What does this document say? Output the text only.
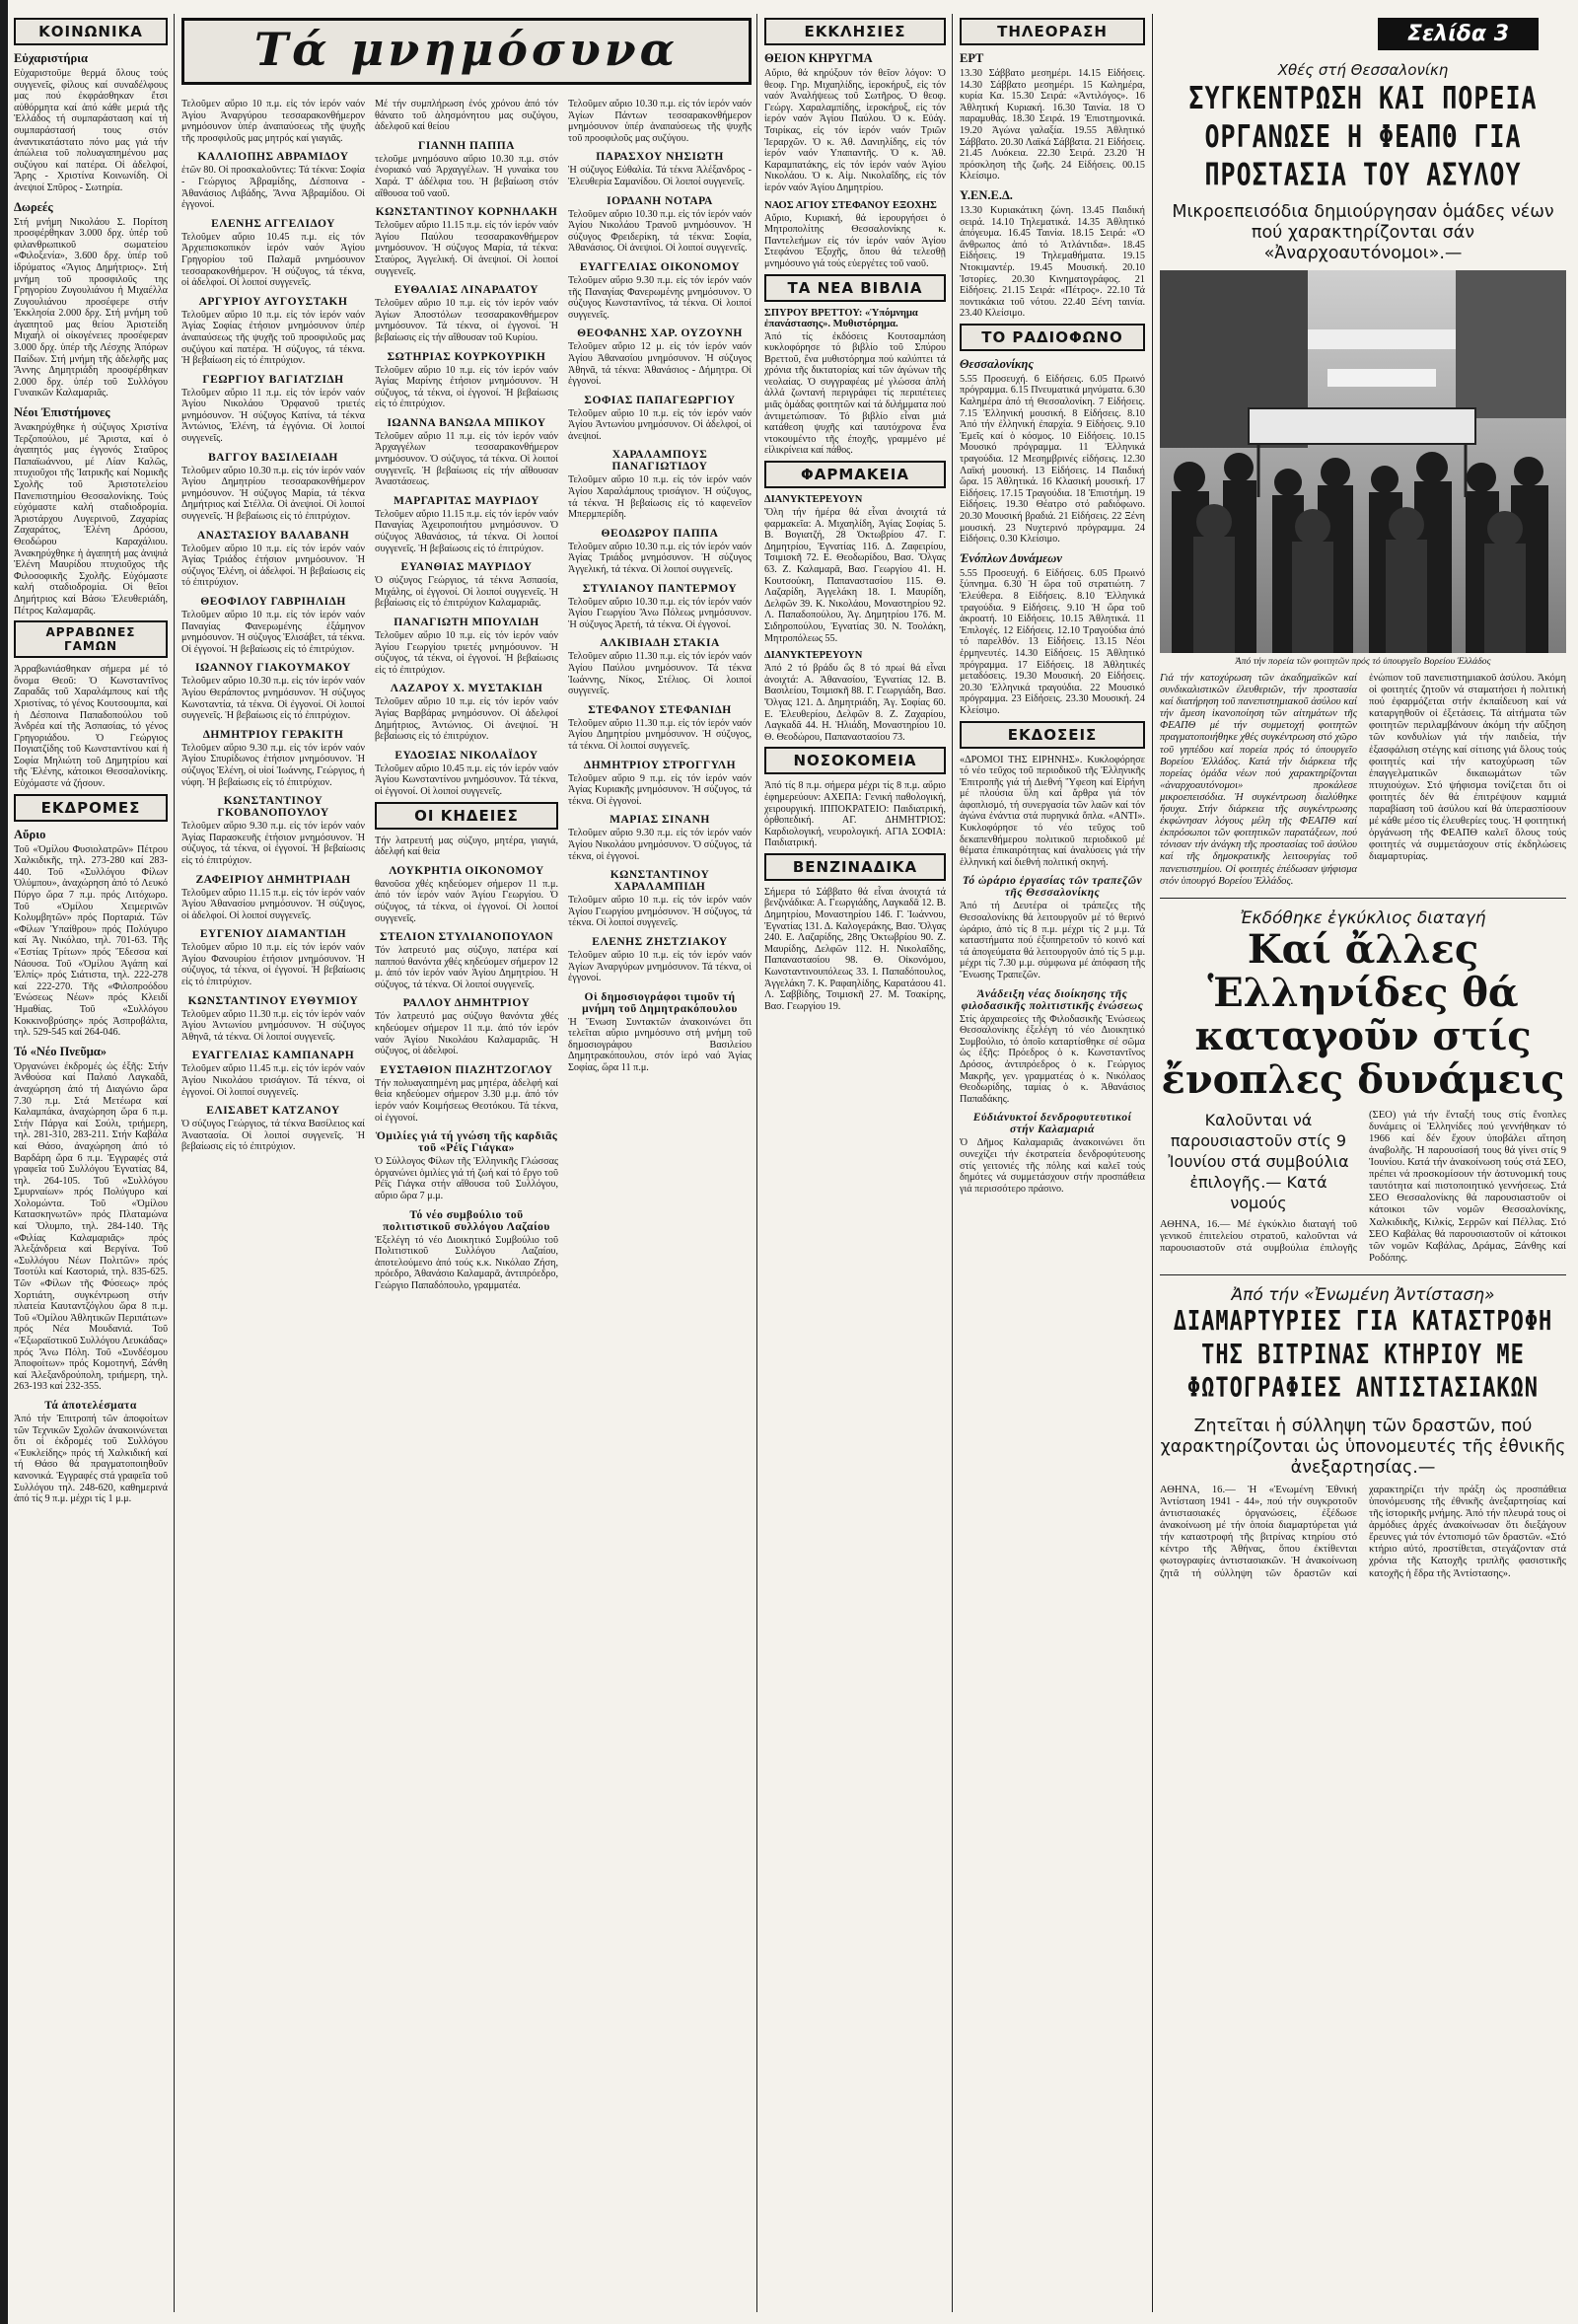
ΚΟΙΝΩΝΙΚΑ
Εὐχαριστήρια

Εὐχαριστοῦμε θερμά ὅλους τούς συγγενεῖς, φίλους καί συναδέλφους μας πού ἐκφράσθηκαν ἔτσι αὐθόρμητα καί ἀπό κάθε μεριά τῆς Ἑλλάδος τή συμπαράσταση καί τή συμπαράστασή τους στόν ἀναντικατάστατο πόνο μας γιά τήν ἀπώλεια τοῦ πολυαγαπημένου μας συζύγου καί πατέρα. Οἱ ἀδελφοί, Ἄρης - Χριστίνα Κοινωνίδη. Οἱ ἀνεψιοί Σπῦρος - Σωτηρία.

Δωρεές

Στή μνήμη Νικολάου Σ. Πορίτση προσφέρθηκαν 3.000 δρχ. ὑπέρ τοῦ φιλανθρωπικοῦ σωματείου «Φιλοξενία», 3.600 δρχ. ὑπέρ τοῦ ἰδρύματος «Ἅγιος Δημήτριος». Στή μνήμη τοῦ προσφιλοῦς της Γρηγορίου Ζυγουλιάνου ἡ Μιχαέλλα Ζυγουλιάνου προσέφερε στήν Ἐκκλησία 2.000 δρχ. Στή μνήμη τοῦ ἀγαπητοῦ μας θείου Ἀριστείδη Μιχαήλ οἱ οἰκογένειες προσέφεραν 3.000 δρχ. ὑπέρ τῆς Λέσχης Ἀπόρων Παίδων. Στή μνήμη τῆς ἀδελφῆς μας Ἄννης Δημητριάδη προσφέρθηκαν 2.000 δρχ. ὑπέρ τοῦ Συλλόγου Γυναικῶν Καλαμαριᾶς.

Νέοι Ἐπιστήμονες

Ἀνακηρύχθηκε ἡ σύζυγος Χριστίνα Τερζοπούλου, μέ Ἄριστα, καί ὁ ἀγαπητός μας ἐγγονός Σταῦρος Παπαϊωάννου, μέ Λίαν Καλῶς, πτυχιοῦχοι τῆς Ἰατρικῆς καί Νομικῆς Σχολῆς τοῦ Ἀριστοτελείου Πανεπιστημίου Θεσσαλονίκης. Τούς εὐχόμαστε καλή σταδιοδρομία. Ἀριστάρχου Λυγερινοῦ, Ζαχαρίας Ζαχαράτος, Ἐλένη Δρόσου, Θεοδώρου Καραχάλιου. Ἀνακηρύχθηκε ἡ ἀγαπητή μας ἀνιψιά Ἑλένη Μαυρίδου πτυχιοῦχος τῆς Φιλοσοφικῆς Σχολῆς. Εὐχόμαστε καλή σταδιοδρομία. Οἱ θεῖοι Δημήτριος καί Βάσω Ἐλευθεριάδη, Πέτρος Καλαμαρᾶς.

ΑΡΡΑΒΩΝΕΣ ΓΑΜΩΝ

Ἀρραβωνιάσθηκαν σήμερα μέ τό ὄνομα Θεοῦ: Ὁ Κωνσταντῖνος Ζαραδᾶς τοῦ Χαραλάμπους καί τῆς Χριστίνας, τό γένος Κουτσουμπα, καί ἡ Δέσποινα Παπαδοπούλου τοῦ Ἀνδρέα καί τῆς Ἀσπασίας, τό γένος Γρηγοριάδου. Ὁ Γεώργιος Πογιατζίδης τοῦ Κωνσταντίνου καί ἡ Σοφία Μηλιώτη τοῦ Δημητρίου καί τῆς Ἑλένης, κάτοικοι Θεσσαλονίκης. Εὐχόμαστε νά ζήσουν.

ΕΚΔΡΟΜΕΣ
Αὔριο

Τοῦ «Ὁμίλου Φυσιολατρῶν» Πέτρου Χαλκιδικῆς, τηλ. 273-280 καί 283-440. Τοῦ «Συλλόγου Φίλων Ὀλύμπου», ἀναχώρηση ἀπό τό Λευκό Πύργο ὥρα 7 π.μ. πρός Λιτόχωρο. Τοῦ «Ὁμίλου Χειμερινῶν Κολυμβητῶν» πρός Πορταριά. Τῶν «Φίλων Ὑπαίθρου» πρός Πολύγυρο καί Ἁγ. Νικόλαο, τηλ. 701-63. Τῆς «Ἑστίας Τρίτων» πρός Ἔδεσσα καί Νάουσα. Τοῦ «Ὁμίλου Ἀγάπη καί Ἐλπίς» πρός Σιάτιστα, τηλ. 222-278 καί 222-270. Τῆς «Φιλοπροόδου Ἐνώσεως Νέων» πρός Κλειδί Ἡμαθίας. Τοῦ «Συλλόγου Κοκκινοβρύσης» πρός Ἀσπροβάλτα, τηλ. 529-545 καί 264-046.

Τό «Νέο Πνεῦμα»

Ὀργανώνει ἐκδρομές ὡς ἑξῆς: Στήν Ἀνθούσα καί Παλαιό Λαγκαδᾶ, ἀναχώρηση ἀπό τή Διαγώνιο ὥρα 7.30 π.μ. Στά Μετέωρα καί Καλαμπάκα, ἀναχώρηση ὥρα 6 π.μ. Στήν Πάργα καί Σούλι, τριήμερη, τηλ. 281-310, 283-211. Στήν Καβάλα καί Θάσο, ἀναχώρηση ἀπό τό Βαρδάρη ὥρα 6 π.μ. Ἐγγραφές στά γραφεῖα τοῦ Συλλόγου Ἐγνατίας 84, τηλ. 264-105. Τοῦ «Συλλόγου Σμυρναίων» πρός Πολύγυρο καί Χολομώντα. Τοῦ «Ὁμίλου Κατασκηνωτῶν» πρός Πλαταμώνα καί Ὄλυμπο, τηλ. 284-140. Τῆς «Φιλίας Καλαμαριᾶς» πρός Ἀλεξάνδρεια καί Βεργίνα. Τοῦ «Συλλόγου Νέων Πολιτῶν» πρός Τσοτύλι καί Καστοριά, τηλ. 835-625. Τῶν «Φίλων τῆς Φύσεως» πρός Χορτιάτη, συγκέντρωση στήν πλατεία Καυταντζόγλου ὥρα 8 π.μ. Τοῦ «Ὁμίλου Ἀθλητικῶν Περιπάτων» πρός Νέα Μουδανιά. Τοῦ «Ἐξωραϊστικοῦ Συλλόγου Λευκάδας» πρός Ἄνω Πόλη. Τοῦ «Συνδέσμου Ἀποφοίτων» πρός Κομοτηνή, Ξάνθη καί Ἀλεξανδρούπολη, τριήμερη, τηλ. 263-193 καί 232-355.

Τά ἀποτελέσματα

Ἀπό τήν Ἐπιτροπή τῶν ἀποφοίτων τῶν Τεχνικῶν Σχολῶν ἀνακοινώνεται ὅτι οἱ ἐκδρομές τοῦ Συλλόγου «Ἐυκλείδης» πρός τή Χαλκιδική καί τή Θάσο θά πραγματοποιηθοῦν κανονικά. Ἐγγραφές στά γραφεῖα τοῦ Συλλόγου τηλ. 248-620, καθημερινά ἀπό τίς 9 π.μ. μέχρι τίς 1 μ.μ.

Τά μνημόσυνα

Τελοῦμεν αὔριο 10 π.μ. εἰς τόν ἱερόν ναόν Ἁγίου Ἀναργύρου τεσσαρακονθήμερον μνημόσυνον ὑπέρ ἀναπαύσεως τῆς ψυχῆς τῆς προσφιλοῦς μας μητρός καί γιαγιᾶς.

ΚΑΛΛΙΟΠΗΣ ΑΒΡΑΜΙΔΟΥ

ἐτῶν 80. Οἱ προσκαλοῦντες: Τά τέκνα: Σοφία - Γεώργιος Ἀβραμίδης, Δέσποινα - Ἀθανάσιος Λιβάδης, Ἄννα Ἀβραμίδου. Οἱ ἐγγονοί.

ΕΛΕΝΗΣ ΑΓΓΕΛΙΔΟΥ

Τελοῦμεν αὔριο 10.45 π.μ. εἰς τόν Ἀρχιεπισκοπικόν ἱερόν ναόν Ἁγίου Γρηγορίου τοῦ Παλαμᾶ μνημόσυνον τεσσαρακονθήμερον. Ἡ σύζυγος, τά τέκνα, οἱ ἀδελφοί. Οἱ λοιποί συγγενεῖς.

ΑΡΓΥΡΙΟΥ ΑΥΓΟΥΣΤΑΚΗ

Τελοῦμεν αὔριο 10 π.μ. εἰς τόν ἱερόν ναόν Ἁγίας Σοφίας ἐτήσιον μνημόσυνον ὑπέρ ἀναπαύσεως τῆς ψυχῆς τοῦ προσφιλοῦς μας συζύγου καί πατέρα. Ἡ σύζυγος, τά τέκνα. Ἡ βεβαίωση εἰς τό ἐπιτρύχιον.

ΓΕΩΡΓΙΟΥ ΒΑΓΙΑΤΖΙΔΗ

Τελοῦμεν αὔριο 11 π.μ. εἰς τόν ἱερόν ναόν Ἁγίου Νικολάου Ὀρφανοῦ τριετές μνημόσυνον. Ἡ σύζυγος Κατίνα, τά τέκνα Ἀντώνιος, Ἐλένη, τά ἐγγόνια. Οἱ λοιποί συγγενεῖς.

ΒΑΓΓΟΥ ΒΑΣΙΛΕΙΑΔΗ

Τελοῦμεν αὔριο 10.30 π.μ. εἰς τόν ἱερόν ναόν Ἁγίου Δημητρίου τεσσαρακονθήμερον μνημόσυνον. Ἡ σύζυγος Μαρία, τά τέκνα Δημήτριος καί Στέλλα. Οἱ ἀνεψιοί. Οἱ λοιποί συγγενεῖς. Ἡ βεβαίωσις εἰς τό ἐπιτρύχιον.

ΑΝΑΣΤΑΣΙΟΥ ΒΑΛΑΒΑΝΗ

Τελοῦμεν αὔριο 10 π.μ. εἰς τόν ἱερόν ναόν Ἁγίας Τριάδος ἐτήσιον μνημόσυνον. Ἡ σύζυγος Ἑλένη, οἱ ἀδελφοί. Ἡ βεβαίωσις εἰς τό ἐπιτρύχιον.

ΘΕΟΦΙΛΟΥ ΓΑΒΡΙΗΛΙΔΗ

Τελοῦμεν αὔριο 10 π.μ. εἰς τόν ἱερόν ναόν Παναγίας Φανερωμένης ἐξάμηνον μνημόσυνον. Ἡ σύζυγος Ἑλισάβετ, τά τέκνα. Οἱ ἐγγονοί. Ἡ βεβαίωσις εἰς τό ἐπιτρύχιον.

ΙΩΑΝΝΟΥ ΓΙΑΚΟΥΜΑΚΟΥ

Τελοῦμεν αὔριο 10.30 π.μ. εἰς τόν ἱερόν ναόν Ἁγίου Θεράποντος μνημόσυνον. Ἡ σύζυγος Κωνσταντία, τά τέκνα. Οἱ ἐγγονοί. Οἱ λοιποί συγγενεῖς. Ἡ βεβαίωσις εἰς τό ἐπιτρύχιον.

ΔΗΜΗΤΡΙΟΥ ΓΕΡΑΚΙΤΗ

Τελοῦμεν αὔριο 9.30 π.μ. εἰς τόν ἱερόν ναόν Ἁγίου Σπυρίδωνος ἐτήσιον μνημόσυνον. Ἡ σύζυγος Ἑλένη, οἱ υἱοί Ἰωάννης, Γεώργιος, ἡ νύφη. Ἡ βεβαίωσις εἰς τό ἐπιτρύχιον.

ΚΩΝΣΤΑΝΤΙΝΟΥ ΓΚΟΒΑΝΟΠΟΥΛΟΥ

Τελοῦμεν αὔριο 9.30 π.μ. εἰς τόν ἱερόν ναόν Ἁγίας Παρασκευῆς ἐτήσιον μνημόσυνον. Ἡ σύζυγος, τά τέκνα, οἱ ἐγγονοί. Ἡ βεβαίωσις εἰς τό ἐπιτρύχιον.

ΖΑΦΕΙΡΙΟΥ ΔΗΜΗΤΡΙΑΔΗ

Τελοῦμεν αὔριο 11.15 π.μ. εἰς τόν ἱερόν ναόν Ἁγίου Ἀθανασίου μνημόσυνον. Ἡ σύζυγος, οἱ ἀδελφοί. Οἱ λοιποί συγγενεῖς.

ΕΥΓΕΝΙΟΥ ΔΙΑΜΑΝΤΙΔΗ

Τελοῦμεν αὔριο 10 π.μ. εἰς τόν ἱερόν ναόν Ἁγίου Φανουρίου ἐτήσιον μνημόσυνον. Ἡ σύζυγος, τά τέκνα, οἱ ἐγγονοί. Ἡ βεβαίωσις εἰς τό ἐπιτρύχιον.

ΚΩΝΣΤΑΝΤΙΝΟΥ ΕΥΘΥΜΙΟΥ

Τελοῦμεν αὔριο 11.30 π.μ. εἰς τόν ἱερόν ναόν Ἁγίου Ἀντωνίου μνημόσυνον. Ἡ σύζυγος Ἀθηνᾶ, τά τέκνα. Οἱ λοιποί συγγενεῖς.

ΕΥΑΓΓΕΛΙΑΣ ΚΑΜΠΑΝΑΡΗ

Τελοῦμεν αὔριο 11.45 π.μ. εἰς τόν ἱερόν ναόν Ἁγίου Νικολάου τρισάγιον. Τά τέκνα, οἱ ἐγγονοί. Οἱ λοιποί συγγενεῖς.

ΕΛΙΣΑΒΕΤ ΚΑΤΖΑΝΟΥ

Ὁ σύζυγος Γεώργιος, τά τέκνα Βασίλειος καί Ἀναστασία. Οἱ λοιποί συγγενεῖς. Ἡ βεβαίωσις εἰς τό ἐπιτρύχιον.

Μέ τήν συμπλήρωση ἐνός χρόνου ἀπό τόν θάνατο τοῦ ἀλησμόνητου μας συζύγου, ἀδελφοῦ καί θείου

ΓΙΑΝΝΗ ΠΑΠΠΑ

τελοῦμε μνημόσυνο αὔριο 10.30 π.μ. στόν ἐνοριακό ναό Ἀρχαγγέλων. Ἡ γυναίκα του Χαρά. Τ' ἀδέλφια του. Ἡ βεβαίωση στόν αἴθουσα τοῦ ναοῦ.

ΚΩΝΣΤΑΝΤΙΝΟΥ ΚΟΡΝΗΛΑΚΗ

Τελοῦμεν αὔριο 11.15 π.μ. εἰς τόν ἱερόν ναόν Ἁγίου Παύλου τεσσαρακονθήμερον μνημόσυνον. Ἡ σύζυγος Μαρία, τά τέκνα: Σταύρος, Ἀγγελική. Οἱ ἀνεψιοί. Οἱ λοιποί συγγενεῖς.

ΕΥΘΑΛΙΑΣ ΛΙΝΑΡΔΑΤΟΥ

Τελοῦμεν αὔριο 10 π.μ. εἰς τόν ἱερόν ναόν Ἁγίων Ἀποστόλων τεσσαρακονθήμερον μνημόσυνον. Τά τέκνα, οἱ ἐγγονοί. Ἡ βεβαίωσις εἰς τήν αἴθουσαν τοῦ Κυρίου.

ΣΩΤΗΡΙΑΣ ΚΟΥΡΚΟΥΡΙΚΗ

Τελοῦμεν αὔριο 10 π.μ. εἰς τόν ἱερόν ναόν Ἁγίας Μαρίνης ἐτήσιον μνημόσυνον. Ἡ σύζυγος, τά τέκνα, οἱ ἐγγονοί. Ἡ βεβαίωσις εἰς τό ἐπιτρύχιον.

ΙΩΑΝΝΑ ΒΑΝΩΛΑ ΜΠΙΚΟΥ

Τελοῦμεν αὔριο 11 π.μ. εἰς τόν ἱερόν ναόν Ἀρχαγγέλων τεσσαρακονθήμερον μνημόσυνον. Ὁ σύζυγος, τά τέκνα. Οἱ λοιποί συγγενεῖς. Ἡ βεβαίωσις εἰς τήν αἴθουσαν Ἀναστάσεως.

ΜΑΡΓΑΡΙΤΑΣ ΜΑΥΡΙΔΟΥ

Τελοῦμεν αὔριο 11.15 π.μ. εἰς τόν ἱερόν ναόν Παναγίας Ἀχειροποιήτου μνημόσυνον. Ὁ σύζυγος Ἀθανάσιος, τά τέκνα. Οἱ λοιποί συγγενεῖς. Ἡ βεβαίωσις εἰς τό ἐπιτρύχιον.

ΕΥΑΝΘΙΑΣ ΜΑΥΡΙΔΟΥ

Ὁ σύζυγος Γεώργιος, τά τέκνα Ἀσπασία, Μιχάλης, οἱ ἐγγονοί. Οἱ λοιποί συγγενεῖς. Ἡ βεβαίωσις εἰς τό ἐπιτρύχιον Καλαμαριᾶς.

ΠΑΝΑΓΙΩΤΗ ΜΠΟΥΛΙΔΗ

Τελοῦμεν αὔριο 10 π.μ. εἰς τόν ἱερόν ναόν Ἁγίου Γεωργίου τριετές μνημόσυνον. Ἡ σύζυγος, τά τέκνα, οἱ ἐγγονοί. Ἡ βεβαίωσις εἰς τό ἐπιτρύχιον.

ΛΑΖΑΡΟΥ Χ. ΜΥΣΤΑΚΙΔΗ

Τελοῦμεν αὔριο 10 π.μ. εἰς τόν ἱερόν ναόν Ἁγίας Βαρβάρας μνημόσυνον. Οἱ ἀδελφοί Δημήτριος, Ἀντώνιος. Οἱ ἀνεψιοί. Ἡ βεβαίωσις εἰς τό ἐπιτρύχιον.

ΕΥΔΟΞΙΑΣ ΝΙΚΟΛΑΪΔΟΥ

Τελοῦμεν αὔριο 10.45 π.μ. εἰς τόν ἱερόν ναόν Ἁγίου Κωνσταντίνου μνημόσυνον. Τά τέκνα, οἱ ἐγγονοί. Οἱ λοιποί συγγενεῖς.

ΟΙ ΚΗΔΕΙΕΣ

Τήν λατρευτή μας σύζυγο, μητέρα, γιαγιά, ἀδελφή καί θεία

ΛΟΥΚΡΗΤΙΑ ΟΙΚΟΝΟΜΟΥ

θανοῦσα χθές κηδεύομεν σήμερον 11 π.μ. ἀπό τόν ἱερόν ναόν Ἁγίου Γεωργίου. Ὁ σύζυγος, τά τέκνα, οἱ ἐγγονοί. Οἱ λοιποί συγγενεῖς.

ΣΤΕΛΙΟΝ ΣΤΥΛΙΑΝΟΠΟΥΛΟΝ

Τόν λατρευτό μας σύζυγο, πατέρα καί παππού θανόντα χθές κηδεύομεν σήμερον 12 μ. ἀπό τόν ἱερόν ναόν Ἁγίου Δημητρίου. Ἡ σύζυγος, τά τέκνα. Οἱ λοιποί συγγενεῖς.

ΡΑΛΛΟΥ ΔΗΜΗΤΡΙΟΥ

Τόν λατρευτό μας σύζυγο θανόντα χθές κηδεύομεν σήμερον 11 π.μ. ἀπό τόν ἱερόν ναόν Ἁγίου Νικολάου Καλαμαριᾶς. Ἡ σύζυγος, οἱ ἀδελφοί.

ΕΥΣΤΑΘΙΟΝ ΠΙΑΖΗΤΖΟΓΛΟΥ

Τήν πολυαγαπημένη μας μητέρα, ἀδελφή καί θεία κηδεύομεν σήμερον 3.30 μ.μ. ἀπό τόν ἱερόν ναόν Κοιμήσεως Θεοτόκου. Τά τέκνα, οἱ ἐγγονοί.

Ὁμιλίες γιά τή γνώση τῆς καρδιᾶς τοῦ «Ρέϊς Γιάγκα»

Ὁ Σύλλογος Φίλων τῆς Ἑλληνικῆς Γλώσσας ὀργανώνει ὁμιλίες γιά τή ζωή καί τό ἔργο τοῦ Ρέϊς Γιάγκα στήν αἴθουσα τοῦ Συλλόγου, αὔριο ὥρα 7 μ.μ.

Τό νέο συμβούλιο τοῦ πολιτιστικοῦ συλλόγου Λαζαίου

Ἐξελέγη τό νέο Διοικητικό Συμβούλιο τοῦ Πολιτιστικοῦ Συλλόγου Λαζαίου, ἀποτελούμενο ἀπό τούς κ.κ. Νικόλαο Ζήση, πρόεδρο, Ἀθανάσιο Καλαμαρᾶ, ἀντιπρόεδρο, Γεώργιο Παπαδόπουλο, γραμματέα.

Τελοῦμεν αὔριο 10.30 π.μ. εἰς τόν ἱερόν ναόν Ἁγίων Πάντων τεσσαρακονθήμερον μνημόσυνον ὑπέρ ἀναπαύσεως τῆς ψυχῆς τοῦ προσφιλοῦς μας συζύγου.

ΠΑΡΑΣΧΟΥ ΝΗΣΙΩΤΗ

Ἡ σύζυγος Εὐθαλία. Τά τέκνα Ἀλέξανδρος - Ἐλευθερία Σαμανίδου. Οἱ λοιποί συγγενεῖς.

ΙΟΡΔΑΝΗ ΝΟΤΑΡΑ

Τελοῦμεν αὔριο 10.30 π.μ. εἰς τόν ἱερόν ναόν Ἁγίου Νικολάου Τρανοῦ μνημόσυνον. Ἡ σύζυγος Φρειδερίκη, τά τέκνα: Σοφία, Ἀθανάσιος. Οἱ ἀνεψιοί. Οἱ λοιποί συγγενεῖς.

ΕΥΑΓΓΕΛΙΑΣ ΟΙΚΟΝΟΜΟΥ

Τελοῦμεν αὔριο 9.30 π.μ. εἰς τόν ἱερόν ναόν τῆς Παναγίας Φανερωμένης μνημόσυνον. Ὁ σύζυγος Κωνσταντῖνος, τά τέκνα. Οἱ λοιποί συγγενεῖς.

ΘΕΟΦΑΝΗΣ ΧΑΡ. ΟΥΖΟΥΝΗ

Τελοῦμεν αὔριο 12 μ. εἰς τόν ἱερόν ναόν Ἁγίου Ἀθανασίου μνημόσυνον. Ἡ σύζυγος Ἀθηνᾶ, τά τέκνα: Ἀθανάσιος - Δήμητρα. Οἱ ἐγγονοί.

ΣΟΦΙΑΣ ΠΑΠΑΓΕΩΡΓΙΟΥ

Τελοῦμεν αὔριο 10 π.μ. εἰς τόν ἱερόν ναόν Ἁγίου Ἀντωνίου μνημόσυνον. Οἱ ἀδελφοί, οἱ ἀνεψιοί.

ΧΑΡΑΛΑΜΠΟΥΣ ΠΑΝΑΓΙΩΤΙΔΟΥ

Τελοῦμεν αὔριο 10 π.μ. εἰς τόν ἱερόν ναόν Ἁγίου Χαραλάμπους τρισάγιον. Ἡ σύζυγος, τά τέκνα. Ἡ βεβαίωσις εἰς τό καφενεῖον Μπερμπερίδη.

ΘΕΟΔΩΡΟΥ ΠΑΠΠΑ

Τελοῦμεν αὔριο 10.30 π.μ. εἰς τόν ἱερόν ναόν Ἁγίας Τριάδος μνημόσυνον. Ἡ σύζυγος Ἀγγελική, τά τέκνα. Οἱ λοιποί συγγενεῖς.

ΣΤΥΛΙΑΝΟΥ ΠΑΝΤΕΡΜΟΥ

Τελοῦμεν αὔριο 10.30 π.μ. εἰς τόν ἱερόν ναόν Ἁγίου Γεωργίου Ἄνω Πόλεως μνημόσυνον. Ἡ σύζυγος Ἀρετή, τά τέκνα. Οἱ ἐγγονοί.

ΑΛΚΙΒΙΑΔΗ ΣΤΑΚΙΑ

Τελοῦμεν αὔριο 11.30 π.μ. εἰς τόν ἱερόν ναόν Ἁγίου Παύλου μνημόσυνον. Τά τέκνα Ἰωάννης, Νίκος, Στέλιος. Οἱ λοιποί συγγενεῖς.

ΣΤΕΦΑΝΟΥ ΣΤΕΦΑΝΙΔΗ

Τελοῦμεν αὔριο 11.30 π.μ. εἰς τόν ἱερόν ναόν Ἁγίου Δημητρίου μνημόσυνον. Ἡ σύζυγος, τά τέκνα. Οἱ λοιποί συγγενεῖς.

ΔΗΜΗΤΡΙΟΥ ΣΤΡΟΓΓΥΛΗ

Τελοῦμεν αὔριο 9 π.μ. εἰς τόν ἱερόν ναόν Ἁγίας Κυριακῆς μνημόσυνον. Ἡ σύζυγος, τά τέκνα. Οἱ ἐγγονοί.

ΜΑΡΙΑΣ ΣΙΝΑΝΗ

Τελοῦμεν αὔριο 9.30 π.μ. εἰς τόν ἱερόν ναόν Ἁγίου Νικολάου μνημόσυνον. Ὁ σύζυγος, τά τέκνα, οἱ ἐγγονοί.

ΚΩΝΣΤΑΝΤΙΝΟΥ ΧΑΡΑΛΑΜΠΙΔΗ

Τελοῦμεν αὔριο 10 π.μ. εἰς τόν ἱερόν ναόν Ἁγίου Γεωργίου μνημόσυνον. Ἡ σύζυγος, τά τέκνα. Οἱ λοιποί συγγενεῖς.

ΕΛΕΝΗΣ ΖΗΣΤΖΙΑΚΟΥ

Τελοῦμεν αὔριο 10 π.μ. εἰς τόν ἱερόν ναόν Ἁγίων Ἀναργύρων μνημόσυνον. Τά τέκνα, οἱ ἐγγονοί.

Οἱ δημοσιογράφοι τιμοῦν τή μνήμη τοῦ Δημητρακόπουλου

Ἡ Ἕνωση Συντακτῶν ἀνακοινώνει ὅτι τελεῖται αὔριο μνημόσυνο στή μνήμη τοῦ δημοσιογράφου Βασιλείου Δημητρακόπουλου, στόν ἱερό ναό Ἁγίας Σοφίας, ὥρα 11 π.μ.

ΕΚΚΛΗΣΙΕΣ
ΘΕΙΟΝ ΚΗΡΥΓΜΑ

Αὔριο, θά κηρύξουν τόν θεῖον λόγον: Ὁ θεοφ. Γηρ. Μιχαηλίδης, ἱεροκήρυξ, εἰς τόν ναόν Ἀναλήψεως τοῦ Σωτῆρος. Ὁ θεοφ. Γεώργ. Χαραλαμπίδης, ἱεροκήρυξ, εἰς τόν ἱερόν ναόν Ἁγίου Παύλου. Ὁ κ. Εὐάγ. Τσιρίκας, εἰς τόν ἱερόν ναόν Τριῶν Ἱεραρχῶν. Ὁ κ. Ἀθ. Δανιηλίδης, εἰς τόν ἱερόν ναόν Υπαπαντῆς. Ὁ κ. Ἀθ. Καραμπατάκης, εἰς τόν ἱερόν ναόν Ἁγίου Νικολάου. Ὁ κ. Αἰμ. Νικολαΐδης, εἰς τόν ἱερόν ναόν Ἁγίου Δημητρίου.

ΝΑΟΣ ΑΓΙΟΥ ΣΤΕΦΑΝΟΥ ΕΞΟΧΗΣ

Αὔριο, Κυριακή, θά ἱερουργήσει ὁ Μητροπολίτης Θεσσαλονίκης κ. Παντελεήμων εἰς τόν ἱερόν ναόν Ἁγίου Στεφάνου Ἐξοχῆς, ὅπου θά τελεσθῇ μνημόσυνο γιά τούς εὐεργέτες τοῦ ναοῦ.

ΤΑ ΝΕΑ ΒΙΒΛΙΑ
ΣΠΥΡΟΥ ΒΡΕΤΤΟΥ: «Ὑπόμνημα ἐπανάστασης». Μυθιστόρημα.

Ἀπό τίς ἐκδόσεις Κουτσαμπάση κυκλοφόρησε τό βιβλίο τοῦ Σπύρου Βρεττοῦ, ἕνα μυθιστόρημα πού καλύπτει τά χρόνια τῆς δικτατορίας καί τῶν ἀγώνων τῆς νεολαίας. Ὁ συγγραφέας μέ γλώσσα ἁπλή ἀλλά ζωντανή περιγράφει τίς περιπέτειες μιᾶς ὁμάδας φοιτητῶν καί τά διλήμματα πού ἀντιμετώπισαν. Τό βιβλίο εἶναι μιά κατάθεση ψυχῆς καί ταυτόχρονα ἕνα ντοκουμέντο τῆς ἐποχῆς, γραμμένο μέ εἰλικρίνεια καί πάθος.

ΦΑΡΜΑΚΕΙΑ
ΔΙΑΝΥΚΤΕΡΕΥΟΥΝ

Ὅλη τήν ἡμέρα θά εἶναι ἀνοιχτά τά φαρμακεῖα: Α. Μιχαηλίδη, Ἁγίας Σοφίας 5. Β. Βογιατζή, 28 Ὀκτωβρίου 47. Γ. Δημητρίου, Ἐγνατίας 116. Δ. Ζαφειρίου, Τσιμισκῆ 72. Ε. Θεοδωρίδου, Βασ. Ὄλγας 63. Ζ. Καλαμαρᾶ, Βασ. Γεωργίου 41. Η. Κουτσούκη, Παπαναστασίου 115. Θ. Λαζαρίδη, Ἀγγελάκη 18. Ι. Μαυρίδη, Δελφῶν 39. Κ. Νικολάου, Μοναστηρίου 92. Λ. Παπαδοπούλου, Ἁγ. Δημητρίου 176. Μ. Σιδηροπούλου, Ἐγνατίας 30. Ν. Τσολάκη, Μητροπόλεως 55.

ΔΙΑΝΥΚΤΕΡΕΥΟΥΝ

Ἀπό 2 τό βράδυ ὥς 8 τό πρωί θά εἶναι ἀνοιχτά: Α. Ἀθανασίου, Ἐγνατίας 12. Β. Βασιλείου, Τσιμισκῆ 88. Γ. Γεωργιάδη, Βασ. Ὄλγας 121. Δ. Δημητριάδη, Ἁγ. Σοφίας 60. Ε. Ἐλευθερίου, Δελφῶν 8. Ζ. Ζαχαρίου, Λαγκαδᾶ 44. Η. Ἡλιάδη, Μοναστηρίου 10. Θ. Θεοδώρου, Παπαναστασίου 73.

ΝΟΣΟΚΟΜΕΙΑ

Ἀπό τίς 8 π.μ. σήμερα μέχρι τίς 8 π.μ. αὔριο ἐφημερεύουν: ΑΧΕΠΑ: Γενική παθολογική, χειρουργική. ΙΠΠΟΚΡΑΤΕΙΟ: Παιδιατρική, ὀρθοπεδική. ΑΓ. ΔΗΜΗΤΡΙΟΣ: Καρδιολογική, νευρολογική. ΑΓΙΑ ΣΟΦΙΑ: Παιδιατρική.

ΒΕΝΖΙΝΑΔΙΚΑ

Σήμερα τό Σάββατο θά εἶναι ἀνοιχτά τά βενζινάδικα: Α. Γεωργιάδης, Λαγκαδᾶ 12. Β. Δημητρίου, Μοναστηρίου 146. Γ. Ἰωάννου, Ἐγνατίας 131. Δ. Καλογεράκης, Βασ. Ὄλγας 240. Ε. Λαζαρίδης, 28ης Ὀκτωβρίου 90. Ζ. Μαυρίδης, Δελφῶν 112. Η. Νικολαΐδης, Παπαναστασίου 98. Θ. Οἰκονόμου, Κωνσταντινουπόλεως 33. Ι. Παπαδόπουλος, Ἀγγελάκη 7. Κ. Ραφαηλίδης, Καρατάσου 41. Λ. Σαββίδης, Τσιμισκῆ 27. Μ. Τσακίρης, Βασ. Γεωργίου 19.

ΤΗΛΕΟΡΑΣΗ
ΕΡΤ

13.30 Σάββατο μεσημέρι. 14.15 Εἰδήσεις. 14.30 Σάββατο μεσημέρι. 15 Καλημέρα, κυρία Κα. 15.30 Σειρά: «Ἀντιλόγος». 16 Ἀθλητική Κυριακή. 16.30 Ταινία. 18 Ὁ παραμυθάς. 18.30 Σειρά. 19 Ἐπιστημονικά. 19.20 Ἀγώνα γαλαξία. 19.55 Ἀθλητικό Σάββατο. 20.30 Λαϊκά Σάββατα. 21 Εἰδήσεις. 21.45 Λυόκεια. 22.30 Σειρά. 23.20 Ἡ πρόσκληση τῆς ζωῆς. 24 Εἰδήσεις. 00.15 Κλείσιμο.

Υ.ΕΝ.Ε.Δ.

13.30 Κυριακάτικη ζώνη. 13.45 Παιδική σειρά. 14.10 Τηλεματικά. 14.35 Ἀθλητικό ἀπόγευμα. 16.45 Ταινία. 18.15 Σειρά: «Ὁ ἄνθρωπος ἀπό τό Ἀτλάντιδα». 18.45 Εἰδήσεις. 19 Τηλεμαθήματα. 19.15 Ντοκιμαντέρ. 19.45 Μουσική. 20.10 Ἱστορίες. 20.30 Κινηματογράφος. 21 Εἰδήσεις. 21.15 Σειρά: «Πέτρος». 22.10 Τά ποντικάκια τοῦ νότου. 22.40 Ξένη ταινία. 23.40 Κλείσιμο.

ΤΟ ΡΑΔΙΟΦΩΝΟ
Θεσσαλονίκης

5.55 Προσευχή. 6 Εἰδήσεις. 6.05 Πρωινό πρόγραμμα. 6.15 Πνευματικά μηνύματα. 6.30 Καλημέρα ἀπό τή Θεσσαλονίκη. 7 Εἰδήσεις. 7.15 Ἑλληνική μουσική. 8 Εἰδήσεις. 8.10 Ἀπό τήν ἐλληνική ἐπαρχία. 9 Εἰδήσεις. 9.10 Ἐμεῖς καί ὁ κόσμος. 10 Εἰδήσεις. 10.15 Μουσικό πρόγραμμα. 11 Ἑλληνικά τραγούδια. 12 Μεσημβρινές εἰδήσεις. 12.30 Λαϊκή μουσική. 13 Εἰδήσεις. 14 Παιδική ὥρα. 15 Ἀθλητικά. 16 Κλασική μουσική. 17 Εἰδήσεις. 17.15 Τραγούδια. 18 Ἐπιστήμη. 19 Εἰδήσεις. 19.30 Θέατρο στό ραδιόφωνο. 20.30 Μουσική βραδιά. 21 Εἰδήσεις. 22 Ξένη μουσική. 23 Νυχτερινό πρόγραμμα. 24 Εἰδήσεις. 0.30 Κλείσιμο.

Ἐνόπλων Δυνάμεων

5.55 Προσευχή. 6 Εἰδήσεις. 6.05 Πρωινό ξύπνημα. 6.30 Ἡ ὥρα τοῦ στρατιώτη. 7 Ἐλεύθερα. 8 Εἰδήσεις. 8.10 Ἑλληνικά τραγούδια. 9 Εἰδήσεις. 9.10 Ἡ ὥρα τοῦ ἀκροατή. 10 Εἰδήσεις. 10.15 Ἀθλητικά. 11 Ἐπιλογές. 12 Εἰδήσεις. 12.10 Τραγούδια ἀπό τό παρελθόν. 13 Εἰδήσεις. 13.15 Νέοι ἐρμηνευτές. 14.30 Εἰδήσεις. 15 Ἀθλητικό πρόγραμμα. 17 Εἰδήσεις. 18 Ἀθλητικές μεταδόσεις. 19.30 Μουσική. 20 Εἰδήσεις. 20.30 Ἑλληνικά τραγούδια. 22 Μουσικό πρόγραμμα. 23 Εἰδήσεις. 23.30 Μουσική. 24 Κλείσιμο.

ΕΚΔΟΣΕΙΣ

«ΔΡΟΜΟΙ ΤΗΣ ΕΙΡΗΝΗΣ». Κυκλοφόρησε τό νέο τεῦχος τοῦ περιοδικοῦ τῆς Ἑλληνικῆς Ἐπιτροπῆς γιά τή Διεθνή Ὕφεση καί Εἰρήνη μέ πλούσια ὕλη καί ἄρθρα γιά τόν ἀφοπλισμό, τή συνεργασία τῶν λαῶν καί τόν ἀγώνα ἐνάντια στά πυρηνικά ὅπλα. «ΑΝΤΙ». Κυκλοφόρησε τό νέο τεῦχος τοῦ δεκαπενθήμερου πολιτικοῦ περιοδικοῦ μέ θέματα ἐπικαιρότητας καί ἀναλύσεις γιά τήν ἑλληνική καί διεθνή πολιτική σκηνή.

Τό ὡράριο ἐργασίας τῶν τραπεζῶν τῆς Θεσσαλονίκης

Ἀπό τή Δευτέρα οἱ τράπεζες τῆς Θεσσαλονίκης θά λειτουργοῦν μέ τό θερινό ὡράριο, ἀπό τίς 8 π.μ. μέχρι τίς 2 μ.μ. Τά καταστήματα πού ἐξυπηρετοῦν τό κοινό καί τά ἀπογεύματα θά λειτουργοῦν ἀπό τίς 5 μ.μ. μέχρι τίς 7.30 μ.μ. σύμφωνα μέ ἀπόφαση τῆς Ἕνωσης Τραπεζῶν.

Ἀνάδειξη νέας διοίκησης τῆς φιλοδασικῆς πολιτιστικῆς ἑνώσεως

Στίς ἀρχαιρεσίες τῆς Φιλοδασικῆς Ἑνώσεως Θεσσαλονίκης ἐξελέγη τό νέο Διοικητικό Συμβούλιο, τό ὁποῖο καταρτίσθηκε σέ σῶμα ὡς ἑξῆς: Πρόεδρος ὁ κ. Κωνσταντῖνος Δρόσος, ἀντιπρόεδρος ὁ κ. Γεώργιος Μακρῆς, γεν. γραμματέας ὁ κ. Νικόλαος Θεοδωρίδης, ταμίας ὁ κ. Ἀθανάσιος Παπαδάκης.

Εὐδιάνυκτοί δενδροφυτευτικοί στήν Καλαμαριά

Ὁ Δῆμος Καλαμαριᾶς ἀνακοινώνει ὅτι συνεχίζει τήν ἐκστρατεία δενδροφύτευσης στίς γειτονιές τῆς πόλης καί καλεῖ τούς δημότες νά συμμετάσχουν στήν προσπάθεια γιά περισσότερο πράσινο.

Σελίδα 3
Χθές στή Θεσσαλονίκη
ΣΥΓΚΕΝΤΡΩΣΗ ΚΑΙ ΠΟΡΕΙΑ ΟΡΓΑΝΩΣΕ Η ΦΕΑΠΘ ΓΙΑ ΠΡΟΣΤΑΣΙΑ ΤΟΥ ΑΣΥΛΟΥ
Μικροεπεισόδια δημιούργησαν ὁμάδες νέων πού χαρακτηρίζονται σάν «Ἀναρχοαυτόνομοι».—
Ἀπό τήν πορεία τῶν φοιτητῶν πρός τό ὑπουργεῖο Βορείου Ἑλλάδος

Γιά τήν κατοχύρωση τῶν ἀκαδημαϊκῶν καί συνδικαλιστικῶν ἐλευθεριῶν, τήν προστασία καί διατήρηση τοῦ πανεπιστημιακοῦ ἀσύλου καί τήν ἄμεση ἱκανοποίηση τῶν αἰτημάτων τῆς ΦΕΑΠΘ μέ τήν συμμετοχή φοιτητῶν πραγματοποιήθηκε χθές συγκέντρωση στό χῶρο τοῦ γηπέδου καί πορεία πρός τό ὑπουργεῖο Βορείου Ἑλλάδος. Κατά τήν διάρκεια τῆς πορείας ὁμάδα νέων πού χαρακτηρίζονται «ἀναρχοαυτόνομοι» προκάλεσε μικροεπεισόδια. Ἡ συγκέντρωση διαλύθηκε ἥσυχα. Στήν διάρκεια τῆς συγκέντρωσης ἐκφώνησαν λόγους μέλη τῆς ΦΕΑΠΘ καί ἐκπρόσωποι τῶν φοιτητικῶν παρατάξεων, πού τόνισαν τήν ἀνάγκη τῆς προστασίας τοῦ ἀσύλου καί τῆς δημοκρατικῆς λειτουργίας τοῦ πανεπιστημίου. Οἱ φοιτητές ἐπέδωσαν ψήφισμα στόν ὑπουργό Βορείου Ἑλλάδος.

ἐνώπιον τοῦ πανεπιστημιακοῦ ἀσύλου. Ἀκόμη οἱ φοιτητές ζητοῦν νά σταματήσει ἡ πολιτική πού ἐφαρμόζεται στήν ἐκπαίδευση καί νά καταργηθοῦν οἱ ἐξετάσεις. Τά αἰτήματα τῶν φοιτητῶν περιλαμβάνουν ἀκόμη τήν αὔξηση τῶν κονδυλίων γιά τήν παιδεία, τήν ἐξασφάλιση στέγης καί σίτισης γιά ὅλους τούς φοιτητές καί τήν κατοχύρωση τῶν ἐπαγγελματικῶν δικαιωμάτων τῶν πτυχιούχων. Στό ψήφισμα τονίζεται ὅτι οἱ φοιτητές δέν θά ἐπιτρέψουν καμμιά παραβίαση τοῦ ἀσύλου καί θά ὑπερασπίσουν μέ κάθε μέσο τίς ἐλευθερίες τους. Ἡ φοιτητική ὀργάνωση τῆς ΦΕΑΠΘ καλεῖ ὅλους τούς φοιτητές νά συμμετάσχουν στίς ἐκδηλώσεις διαμαρτυρίας.

Ἐκδόθηκε ἐγκύκλιος διαταγή
Καί ἄλλες Ἑλληνίδες θά καταγοῦν στίς ἔνοπλες δυνάμεις
Καλοῦνται νά παρουσιαστοῦν στίς 9 Ἰουνίου στά συμβούλια ἐπιλογῆς.— Κατά νομούς

ΑΘΗΝΑ, 16.— Μέ ἐγκύκλιο διαταγή τοῦ γενικοῦ ἐπιτελείου στρατοῦ, καλοῦνται νά παρουσιαστοῦν στά συμβούλια ἐπιλογῆς (ΣΕΟ) γιά τήν ἔνταξή τους στίς ἔνοπλες δυνάμεις οἱ Ἑλληνίδες πού γεννήθηκαν τό 1966 καί δέν ἔχουν ὑποβάλει αἴτηση ἀναβολῆς. Ἡ παρουσίασή τους θά γίνει στίς 9 Ἰουνίου. Κατά τήν ἀνακοίνωση τούς στά ΣΕΟ, πρέπει νά προσκομίσουν τήν ἀστυνομική τους ταυτότητα καί πιστοποιητικό γεννήσεως. Στά ΣΕΟ Θεσσαλονίκης θά παρουσιαστοῦν οἱ κάτοικοι τῶν νομῶν Θεσσαλονίκης, Χαλκιδικῆς, Κιλκίς, Σερρῶν καί Πέλλας. Στό ΣΕΟ Καβάλας θά παρουσιαστοῦν οἱ κάτοικοι τῶν νομῶν Καβάλας, Δράμας, Ξάνθης καί Ροδόπης.

Ἀπό τήν «Ἐνωμένη Ἀντίσταση»
ΔΙΑΜΑΡΤΥΡΙΕΣ ΓΙΑ ΚΑΤΑΣΤΡΟΦΗ ΤΗΣ ΒΙΤΡΙΝΑΣ ΚΤΗΡΙΟΥ ΜΕ ΦΩΤΟΓΡΑΦΙΕΣ ΑΝΤΙΣΤΑΣΙΑΚΩΝ
Ζητεῖται ἡ σύλληψη τῶν δραστῶν, πού χαρακτηρίζονται ὡς ὑπονομευτές τῆς ἐθνικῆς ἀνεξαρτησίας.—

ΑΘΗΝΑ, 16.— Ἡ «Ἐνωμένη Ἐθνική Ἀντίσταση 1941 - 44», πού τήν συγκροτοῦν ἀντιστασιακές ὀργανώσεις, ἐξέδωσε ἀνακοίνωση μέ τήν ὁποία διαμαρτύρεται γιά τήν καταστροφή τῆς βιτρίνας κτηρίου στό κέντρο τῆς Ἀθήνας, ὅπου ἐκτίθενται φωτογραφίες ἀντιστασιακῶν. Ἡ ἀνακοίνωση ζητᾶ τή σύλληψη τῶν δραστῶν καί χαρακτηρίζει τήν πράξη ὡς προσπάθεια ὑπονόμευσης τῆς ἐθνικῆς ἀνεξαρτησίας καί τῆς ἱστορικῆς μνήμης. Ἀπό τήν πλευρά τους οἱ ἀρμόδιες ἀρχές ἀνακοίνωσαν ὅτι διεξάγουν ἔρευνες γιά τόν ἐντοπισμό τῶν δραστῶν. «Στό κτήριο αὐτό, προστίθεται, στεγάζονταν στά χρόνια τῆς Κατοχῆς τριπλῆς φασιστικῆς κατοχῆς ἡ ἕδρα τῆς Ἀντίστασης».
